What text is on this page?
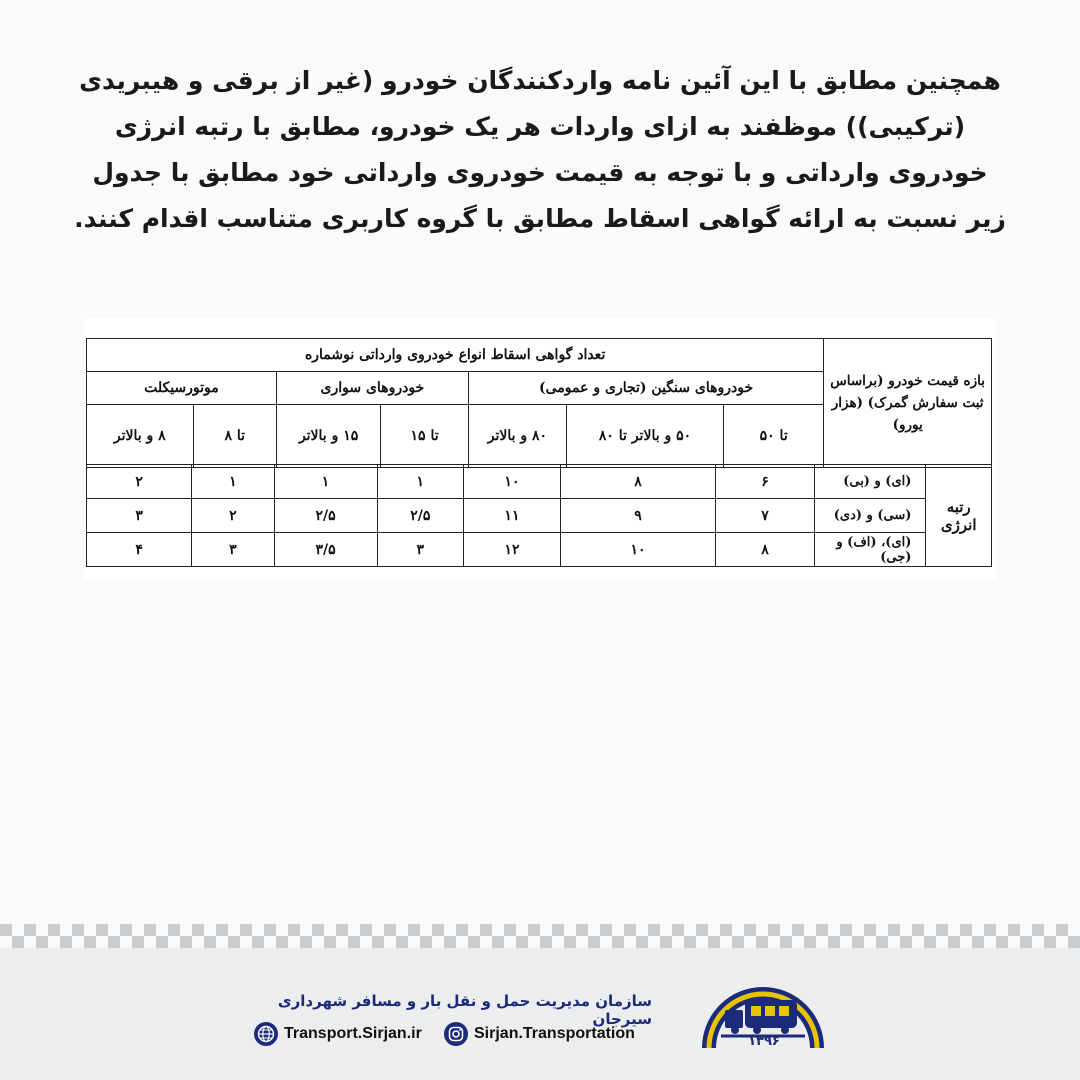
همچنین مطابق با این آئین نامه واردکنندگان خودرو (غیر از برقی و هیبریدی (ترکیبی)) موظفند به ازای واردات هر یک خودرو، مطابق با رتبه انرژی خودروی وارداتی و با توجه به قیمت خودروی وارداتی خود مطابق با جدول زیر نسبت به ارائه گواهی اسقاط مطابق با گروه کاربری متناسب اقدام کنند.
بازه قیمت خودرو (براساس ثبت سفارش گمرک) (هزار یورو)	تعداد گواهی اسقاط انواع خودروی وارداتی نوشماره						
	خودروهای سنگین (تجاری و عمومی)			خودروهای سواری		موتورسیکلت	
	تا ۵۰	۵۰ و بالاتر تا ۸۰	۸۰ و بالاتر	تا ۱۵	۱۵ و بالاتر	تا ۸	۸ و بالاتر
رتبه انرژی	(ای) و (بی)	۶	۸	۱۰	۱	۱	۱	۲
	(سی) و (دی)	۷	۹	۱۱	۲/۵	۲/۵	۲	۳
	(ای)، (اف) و (جی)	۸	۱۰	۱۲	۳	۳/۵	۳	۴
سازمان مدیریت حمل و نقل بار و مسافر شهرداری سیرجان
Transport.Sirjan.ir	Sirjan.Transportation	۱۳۹۶
